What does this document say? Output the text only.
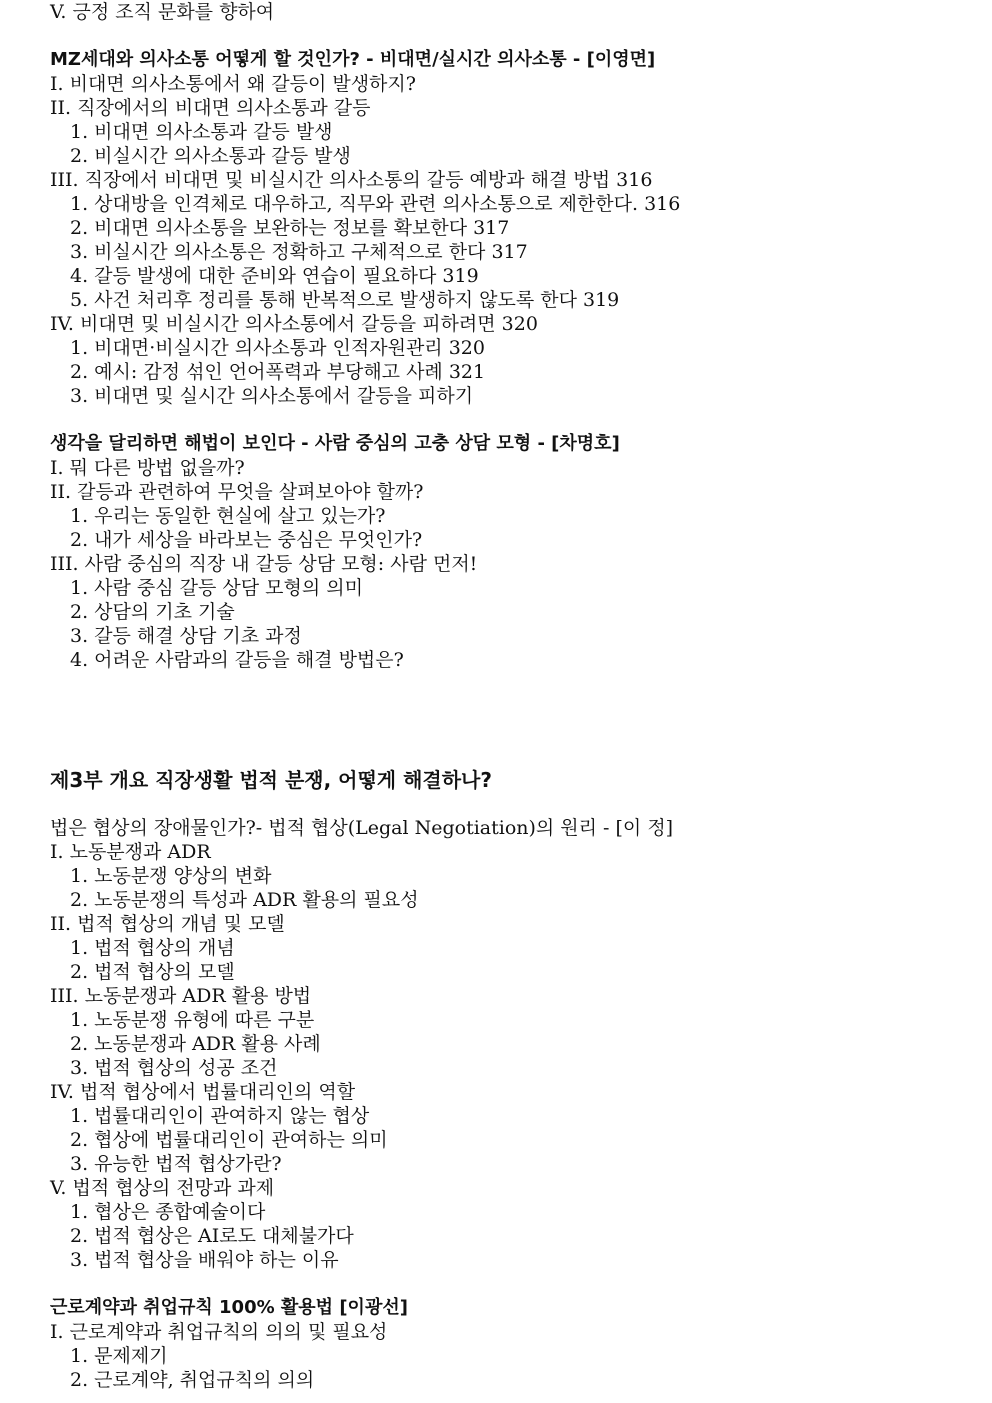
V. 긍정 조직 문화를 향하여
MZ세대와 의사소통 어떻게 할 것인가? - 비대면/실시간 의사소통 - [이영면]
I. 비대면 의사소통에서 왜 갈등이 발생하지?
II. 직장에서의 비대면 의사소통과 갈등
1. 비대면 의사소통과 갈등 발생
2. 비실시간 의사소통과 갈등 발생
III. 직장에서 비대면 및 비실시간 의사소통의 갈등 예방과 해결 방법 316
1. 상대방을 인격체로 대우하고, 직무와 관련 의사소통으로 제한한다. 316
2. 비대면 의사소통을 보완하는 정보를 확보한다 317
3. 비실시간 의사소통은 정확하고 구체적으로 한다 317
4. 갈등 발생에 대한 준비와 연습이 필요하다 319
5. 사건 처리후 정리를 통해 반복적으로 발생하지 않도록 한다 319
IV. 비대면 및 비실시간 의사소통에서 갈등을 피하려면 320
1. 비대면·비실시간 의사소통과 인적자원관리 320
2. 예시: 감정 섞인 언어폭력과 부당해고 사례 321
3. 비대면 및 실시간 의사소통에서 갈등을 피하기
생각을 달리하면 해법이 보인다 - 사람 중심의 고충 상담 모형 - [차명호]
I. 뭐 다른 방법 없을까?
II. 갈등과 관련하여 무엇을 살펴보아야 할까?
1. 우리는 동일한 현실에 살고 있는가?
2. 내가 세상을 바라보는 중심은 무엇인가?
III. 사람 중심의 직장 내 갈등 상담 모형: 사람 먼저!
1. 사람 중심 갈등 상담 모형의 의미
2. 상담의 기초 기술
3. 갈등 해결 상담 기초 과정
4. 어려운 사람과의 갈등을 해결 방법은?
제3부 개요 직장생활 법적 분쟁, 어떻게 해결하나?
법은 협상의 장애물인가?- 법적 협상(Legal Negotiation)의 원리 - [이 정]
I. 노동분쟁과 ADR
1. 노동분쟁 양상의 변화
2. 노동분쟁의 특성과 ADR 활용의 필요성
II. 법적 협상의 개념 및 모델
1. 법적 협상의 개념
2. 법적 협상의 모델
III. 노동분쟁과 ADR 활용 방법
1. 노동분쟁 유형에 따른 구분
2. 노동분쟁과 ADR 활용 사례
3. 법적 협상의 성공 조건
IV. 법적 협상에서 법률대리인의 역할
1. 법률대리인이 관여하지 않는 협상
2. 협상에 법률대리인이 관여하는 의미
3. 유능한 법적 협상가란?
V. 법적 협상의 전망과 과제
1. 협상은 종합예술이다
2. 법적 협상은 AI로도 대체불가다
3. 법적 협상을 배워야 하는 이유
근로계약과 취업규칙 100% 활용법 [이광선]
I. 근로계약과 취업규칙의 의의 및 필요성
1. 문제제기
2. 근로계약, 취업규칙의 의의
